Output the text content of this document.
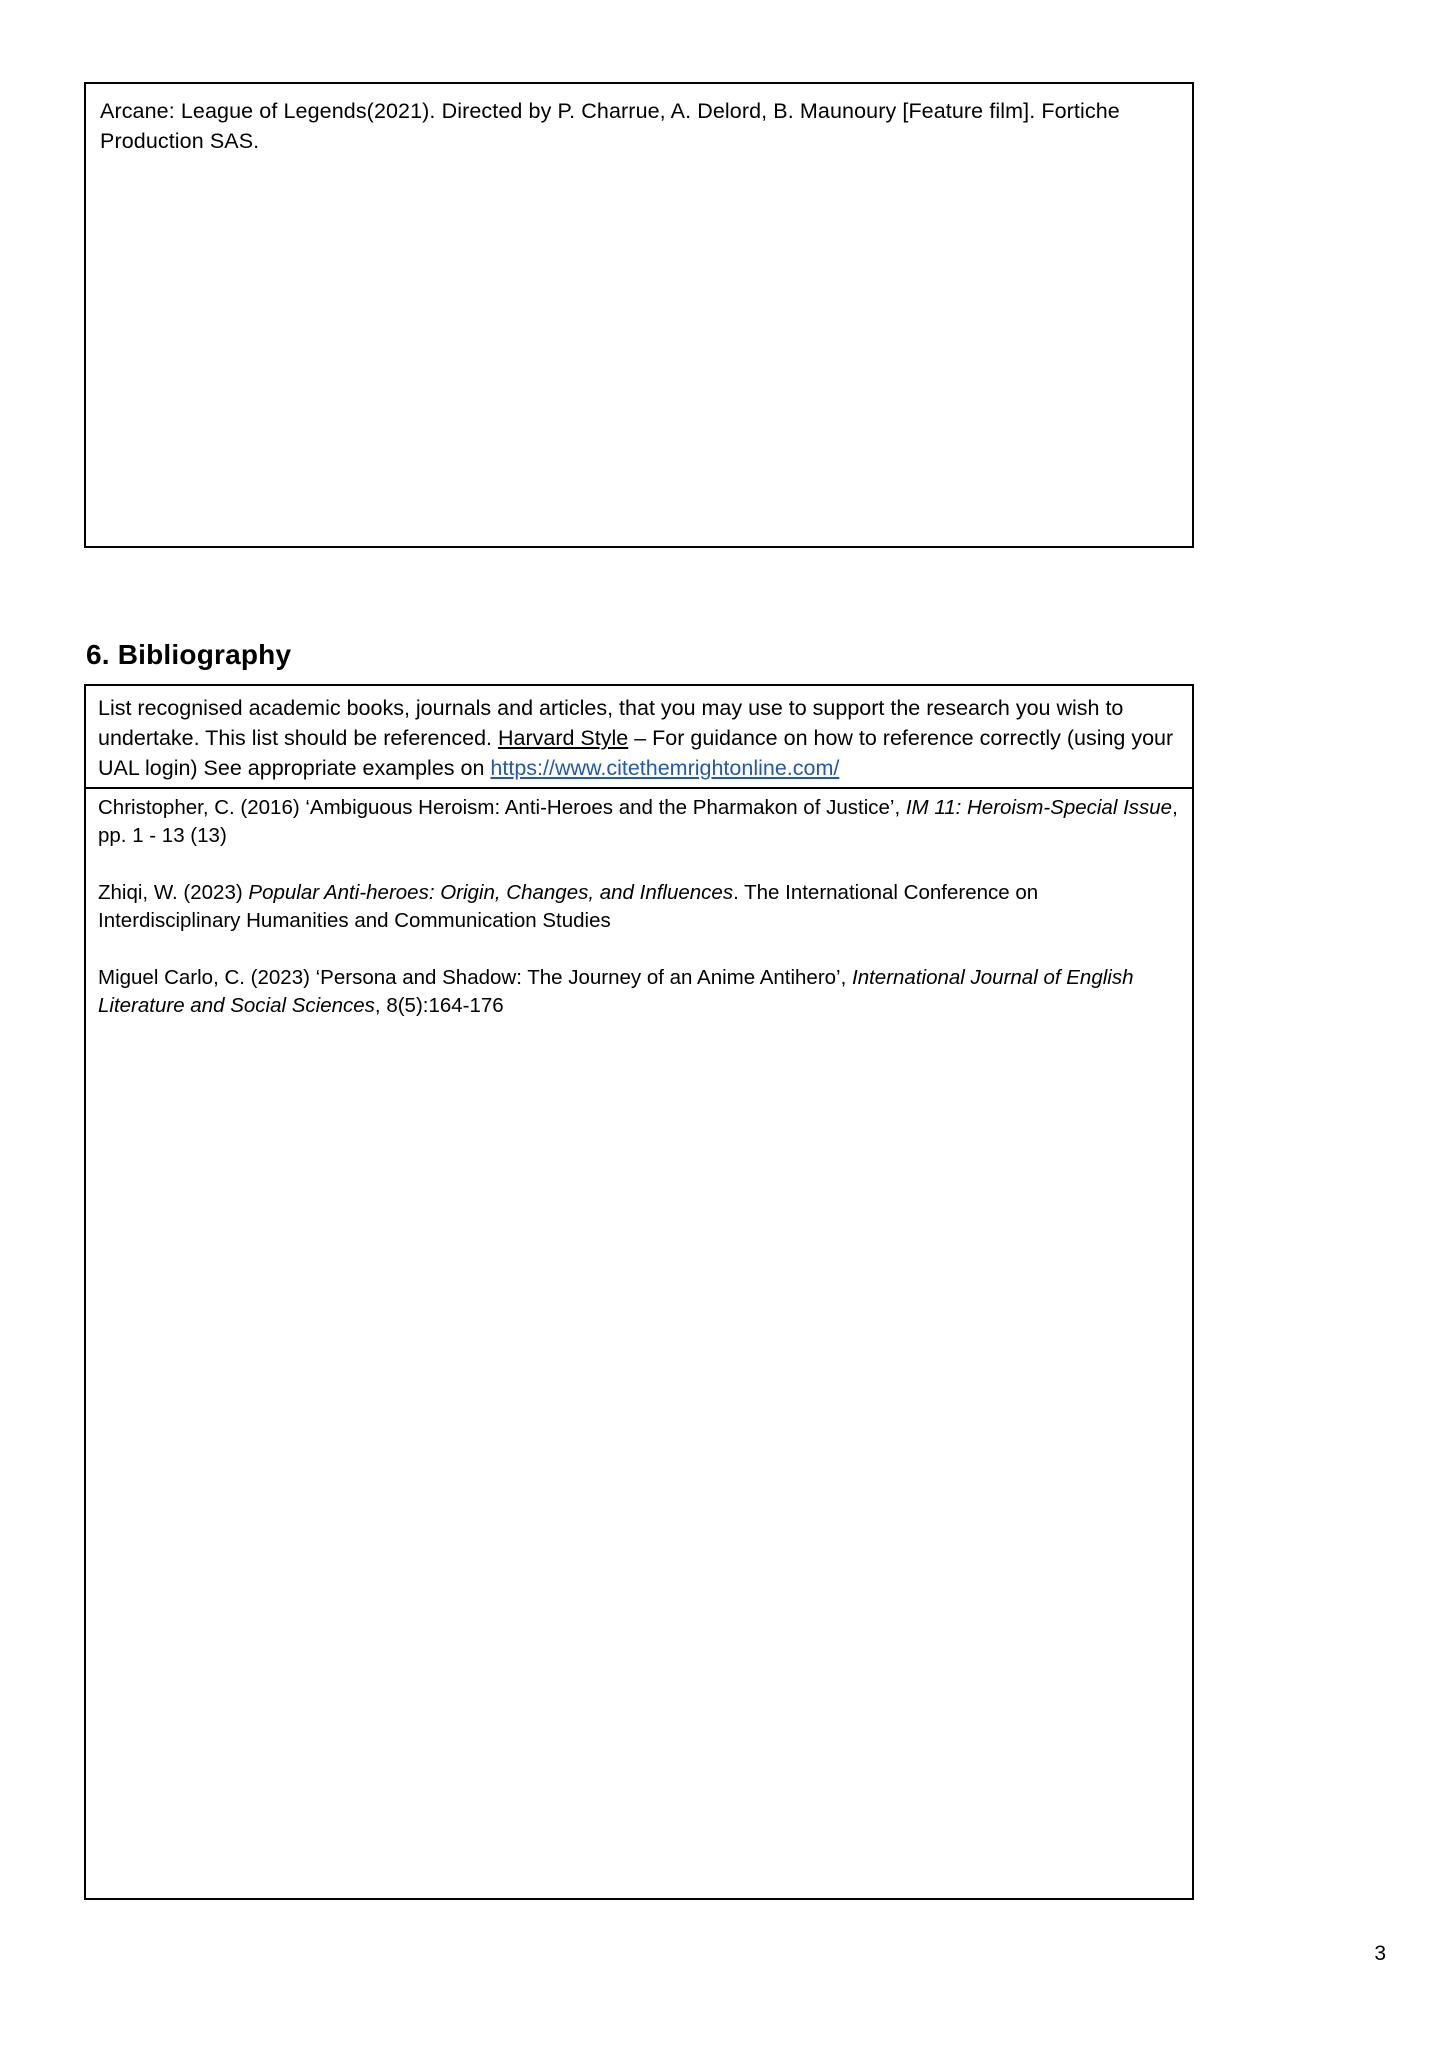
Arcane: League of Legends(2021). Directed by P. Charrue, A. Delord, B. Maunoury [Feature film]. Fortiche Production SAS.
6. Bibliography
List recognised academic books, journals and articles, that you may use to support the research you wish to undertake. This list should be referenced. Harvard Style – For guidance on how to reference correctly (using your UAL login) See appropriate examples on https://www.citethemrightonline.com/

Christopher, C. (2016) ‘Ambiguous Heroism: Anti-Heroes and the Pharmakon of Justice’, IM 11: Heroism-Special Issue, pp. 1 - 13 (13)

Zhiqi, W. (2023) Popular Anti-heroes: Origin, Changes, and Influences. The International Conference on Interdisciplinary Humanities and Communication Studies

Miguel Carlo, C. (2023) ‘Persona and Shadow: The Journey of an Anime Antihero’, International Journal of English Literature and Social Sciences, 8(5):164-176

3
